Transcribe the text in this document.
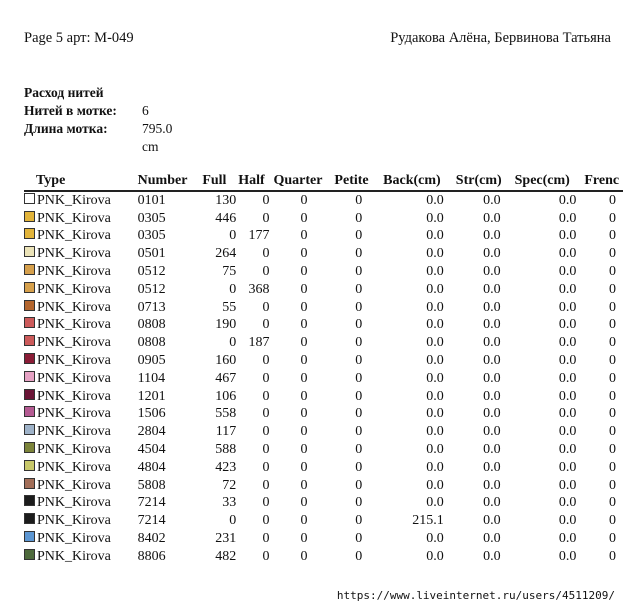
Page 5 арт: М-049	Рудакова Алёна, Бервинова Татьяна
Расход нитей
Нитей в мотке: 6
Длина мотка:	795.0 cm
Type	Number	Full	Half	Quarter	Petite	Back(cm)	Str(cm)	Spec(cm)	Frenc
PNK_Kirova	0101	130	0	0	0	0.0	0.0	0.0	0
PNK_Kirova	0305	446	0	0	0	0.0	0.0	0.0	0
PNK_Kirova	0305	0	177	0	0	0.0	0.0	0.0	0
PNK_Kirova	0501	264	0	0	0	0.0	0.0	0.0	0
PNK_Kirova	0512	75	0	0	0	0.0	0.0	0.0	0
PNK_Kirova	0512	0	368	0	0	0.0	0.0	0.0	0
PNK_Kirova	0713	55	0	0	0	0.0	0.0	0.0	0
PNK_Kirova	0808	190	0	0	0	0.0	0.0	0.0	0
PNK_Kirova	0808	0	187	0	0	0.0	0.0	0.0	0
PNK_Kirova	0905	160	0	0	0	0.0	0.0	0.0	0
PNK_Kirova	1104	467	0	0	0	0.0	0.0	0.0	0
PNK_Kirova	1201	106	0	0	0	0.0	0.0	0.0	0
PNK_Kirova	1506	558	0	0	0	0.0	0.0	0.0	0
PNK_Kirova	2804	117	0	0	0	0.0	0.0	0.0	0
PNK_Kirova	4504	588	0	0	0	0.0	0.0	0.0	0
PNK_Kirova	4804	423	0	0	0	0.0	0.0	0.0	0
PNK_Kirova	5808	72	0	0	0	0.0	0.0	0.0	0
PNK_Kirova	7214	33	0	0	0	0.0	0.0	0.0	0
PNK_Kirova	7214	0	0	0	0	215.1	0.0	0.0	0
PNK_Kirova	8402	231	0	0	0	0.0	0.0	0.0	0
PNK_Kirova	8806	482	0	0	0	0.0	0.0	0.0	0
https://www.liveinternet.ru/users/4511209/
